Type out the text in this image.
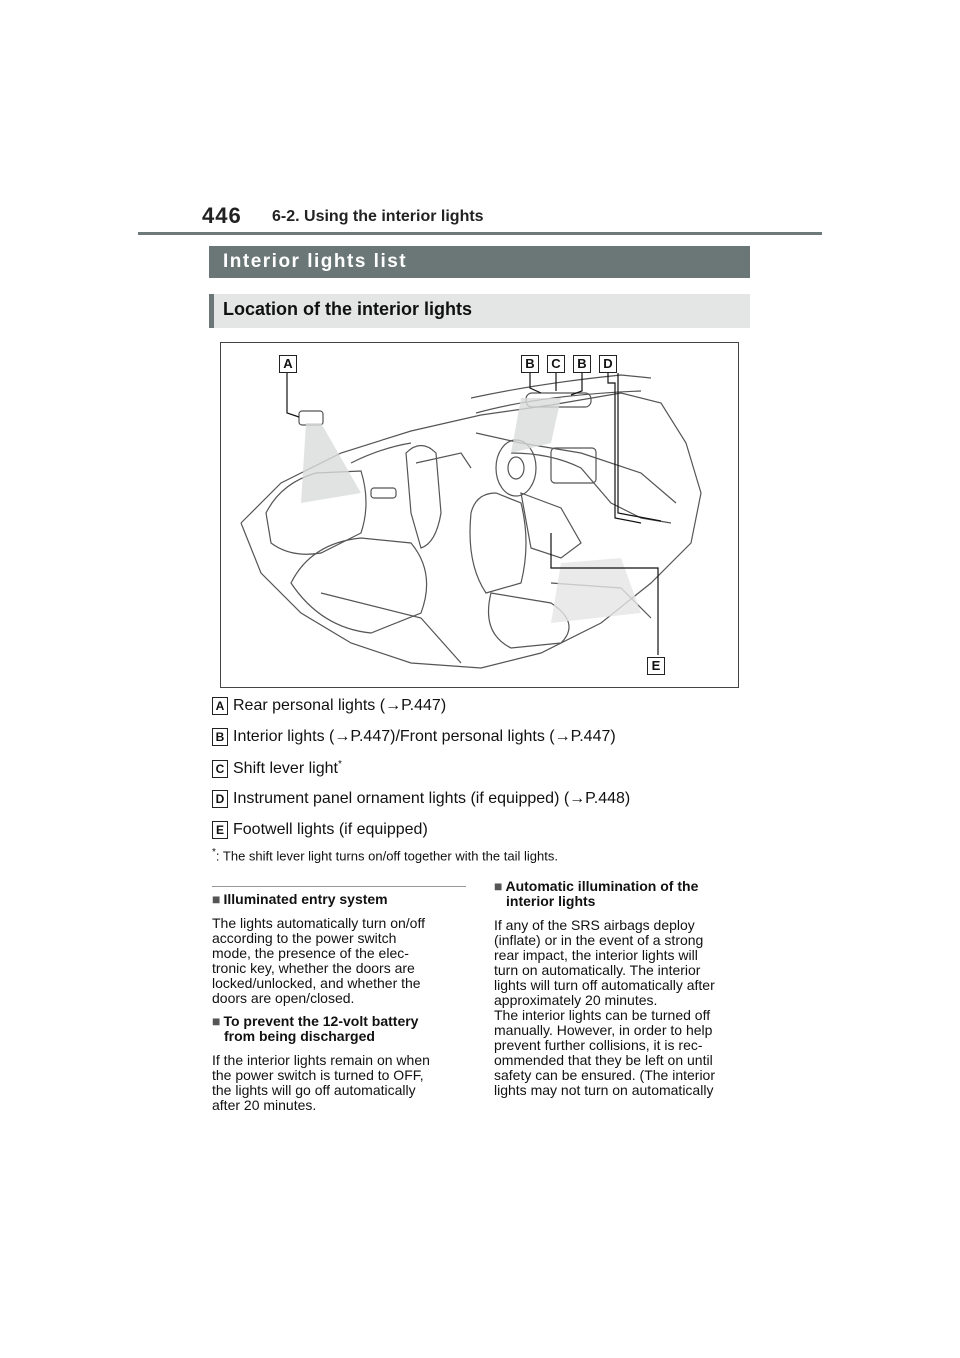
446 6-2. Using the interior lights
Interior lights list
Location of the interior lights
A	B	C	B	D
E
A Rear personal lights (→P.447)
B Interior lights (→P.447)/Front personal lights (→P.447)
C Shift lever light*
D Instrument panel ornament lights (if equipped) (→P.448)
E Footwell lights (if equipped)
*: The shift lever light turns on/off together with the tail lights.
■ Illuminated entry system
The lights automatically turn on/off
according to the power switch
mode, the presence of the elec-
tronic key, whether the doors are
locked/unlocked, and whether the
doors are open/closed.
■ To prevent the 12-volt battery
from being discharged
If the interior lights remain on when
the power switch is turned to OFF,
the lights will go off automatically
after 20 minutes.
■ Automatic illumination of the
interior lights
If any of the SRS airbags deploy
(inflate) or in the event of a strong
rear impact, the interior lights will
turn on automatically. The interior
lights will turn off automatically after
approximately 20 minutes.
The interior lights can be turned off
manually. However, in order to help
prevent further collisions, it is rec-
ommended that they be left on until
safety can be ensured. (The interior
lights may not turn on automatically
